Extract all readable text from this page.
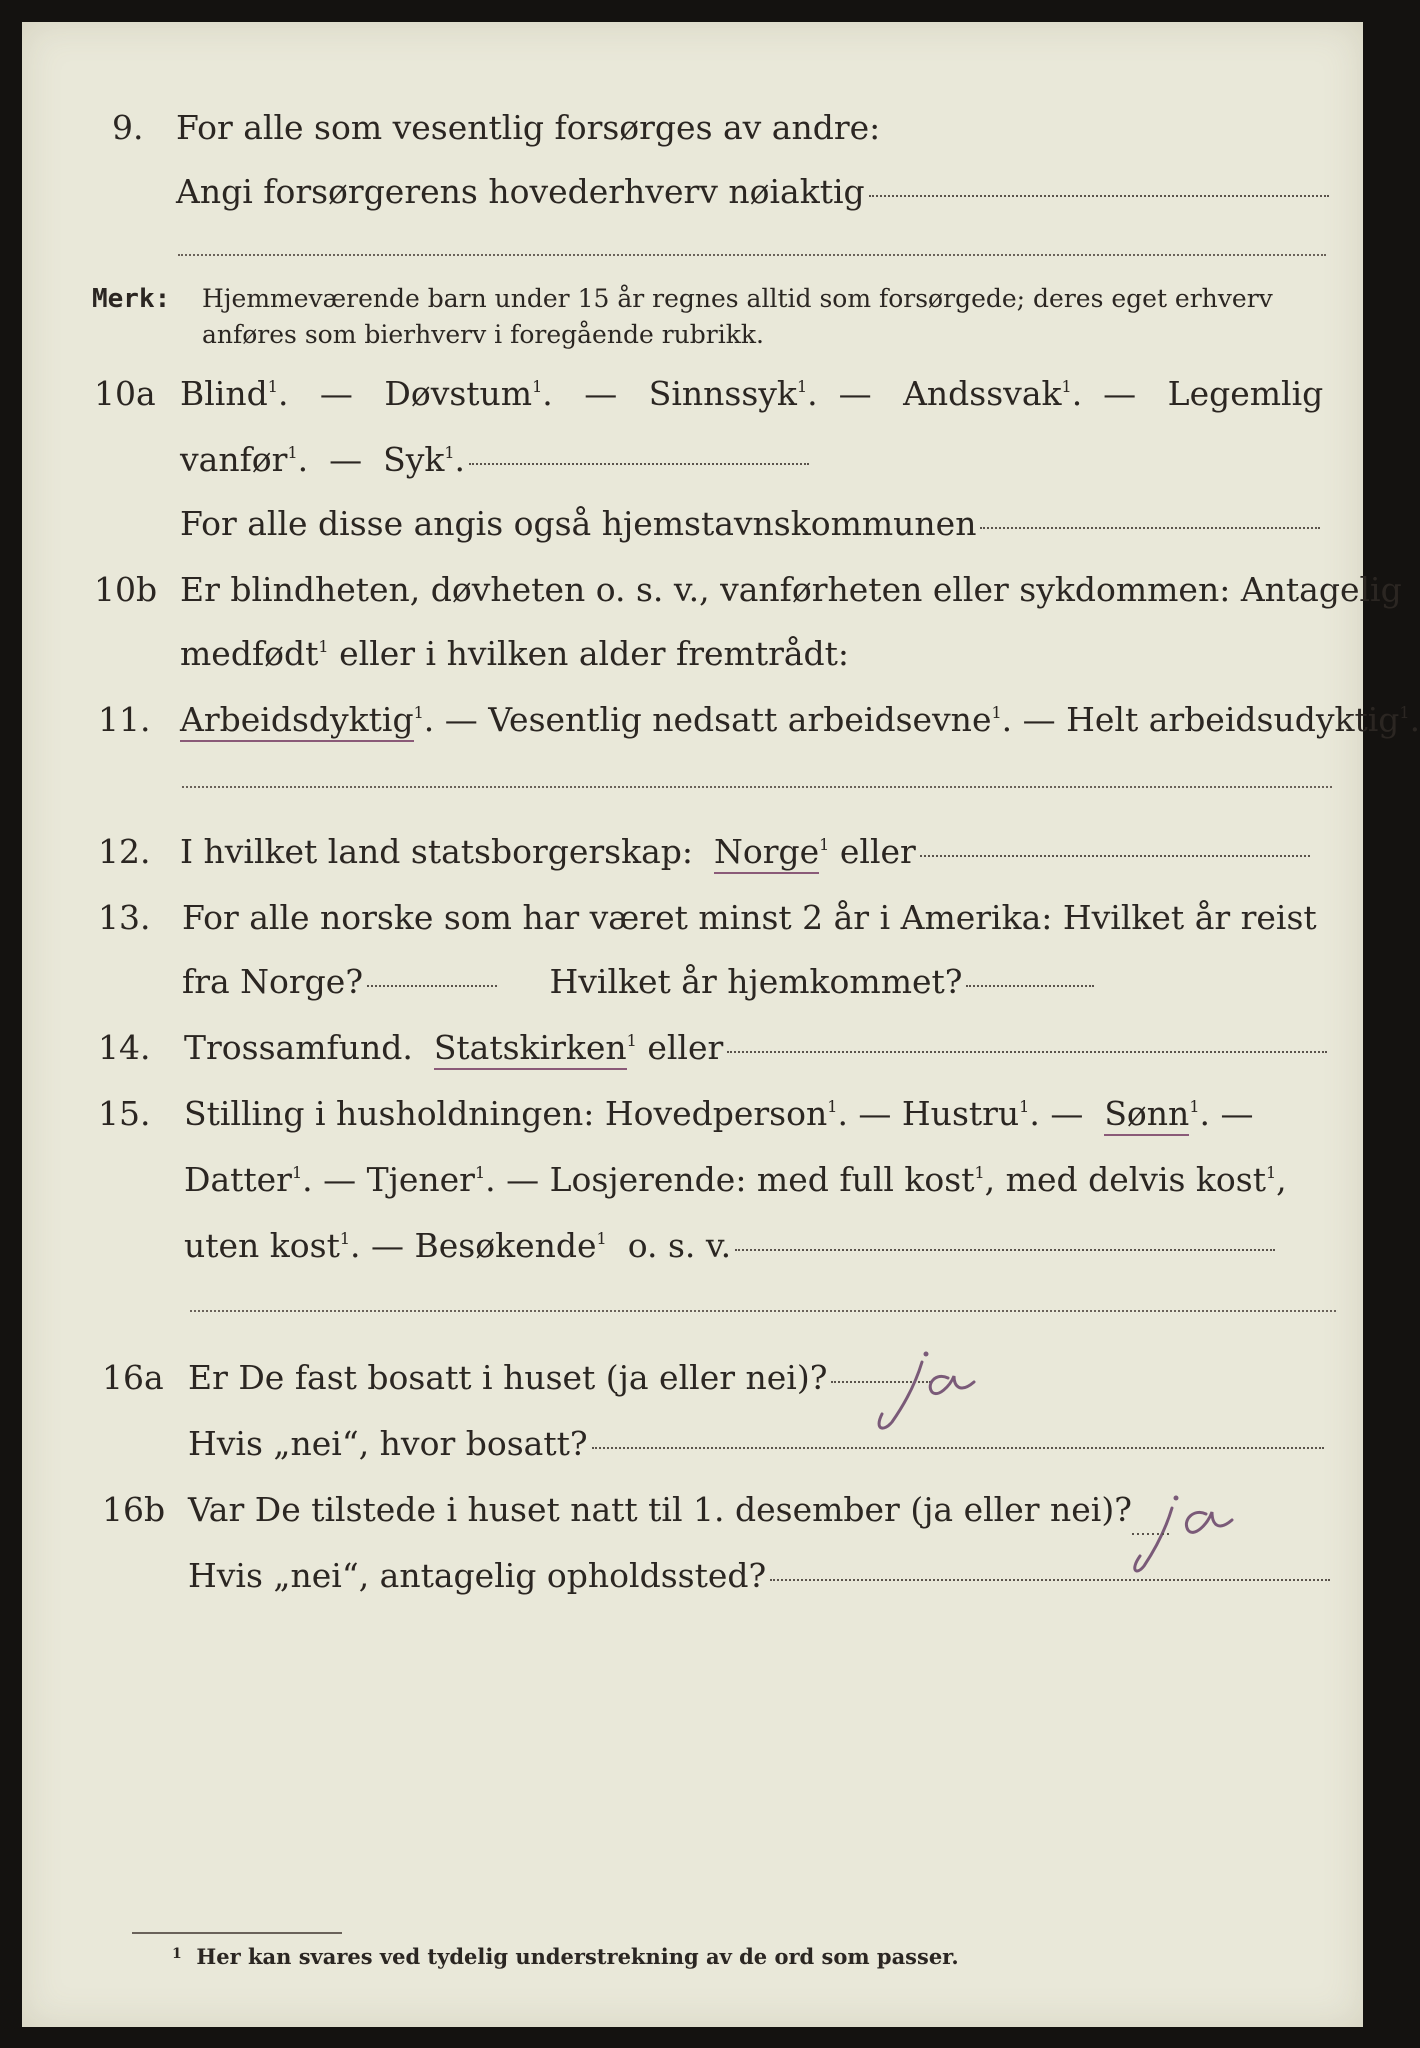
9. For alle som vesentlig forsørges av andre:
Angi forsørgerens hovederhverv nøiaktig
Merk: Hjemmeværende barn under 15 år regnes alltid som forsørgede; deres eget erhverv
anføres som bierhverv i foregående rubrikk.
10a Blind$^1$.   — Døvstum$^1$.   — Sinnssyk$^1$.  — Andssvak$^1$.  — Legemlig
vanfør$^1$.  — Syk$^1$.
For alle disse angis også hjemstavnskommunen
10b Er blindheten, døvheten o. s. v., vanførheten eller sykdommen: Antagelig
medfødt$^1$ eller i hvilken alder fremtrådt:
11. Arbeidsdyktig$^1$. — Vesentlig nedsatt arbeidsevne$^1$. — Helt arbeidsudyktig$^1$.
12. I hvilket land statsborgerskap: Norge$^1$ eller
13. For alle norske som har været minst 2 år i Amerika: Hvilket år reist
fra Norge?	Hvilket år hjemkommet?
14. Trossamfund. Statskirken$^1$ eller
15. Stilling i husholdningen: Hovedperson$^1$. — Hustru$^1$. — Sønn$^1$. —
Datter$^1$. — Tjener$^1$. — Losjerende: med full kost$^1$, med delvis kost$^1$,
uten kost$^1$. — Besøkende$^1$ o. s. v.
16a Er De fast bosatt i huset (ja eller nei)?
Hvis „nei“, hvor bosatt?
16b Var De tilstede i huset natt til 1. desember (ja eller nei)?
Hvis „nei“, antagelig opholdssted?
ja
ja
$^1$ Her kan svares ved tydelig understrekning av de ord som passer.
